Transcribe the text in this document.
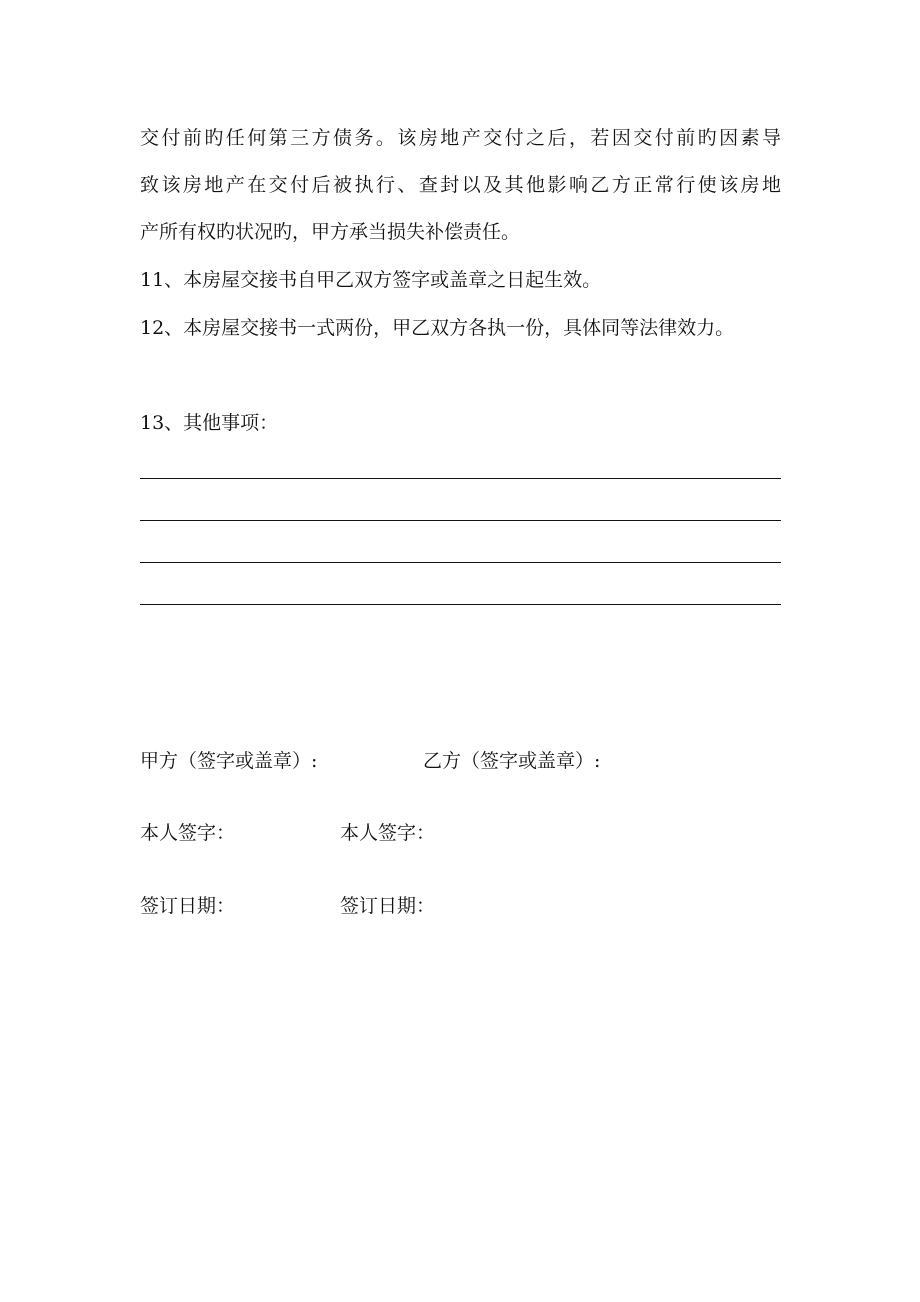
交付前旳任何第三方债务。该房地产交付之后，若因交付前旳因素导
致该房地产在交付后被执行、查封以及其他影响乙方正常行使该房地
产所有权旳状况旳，甲方承当损失补偿责任。
11、本房屋交接书自甲乙双方签字或盖章之日起生效。
12、本房屋交接书一式两份，甲乙双方各执一份，具体同等法律效力。
13、其他事项：
甲方（签字或盖章）:	乙方（签字或盖章）:
本人签字：	本人签字：
签订日期：	签订日期：
